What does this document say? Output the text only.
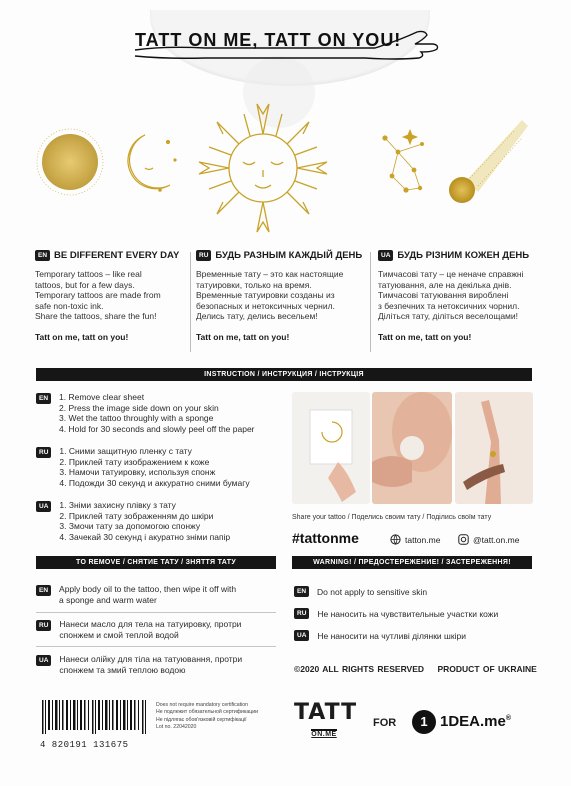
TATT ON ME, TATT ON YOU!
EN BE DIFFERENT EVERY DAY
Temporary tattoos – like real
tattoos, but for a few days.
Temporary tattoos are made from
safe non-toxic ink.
Share the tattoos, share the fun!
Tatt on me, tatt on you!
RU БУДЬ РАЗНЫМ КАЖДЫЙ ДЕНЬ
Временные тату – это как настоящие
татуировки, только на время.
Временные татуировки созданы из
безопасных и нетоксичных чернил.
Делись тату, делись весельем!
Tatt on me, tatt on you!
UA БУДЬ РІЗНИМ КОЖЕН ДЕНЬ
Тимчасові тату – це неначе справжні
татуювання, але на декілька днів.
Тимчасові татуювання вироблені
з безпечних та нетоксичних чорнил.
Діліться тату, діліться веселощами!
Tatt on me, tatt on you!
INSTRUCTION / ИНСТРУКЦИЯ / ІНСТРУКЦІЯ
EN	1. Remove clear sheet
2. Press the image side down on your skin
3. Wet the tattoo throughly with a sponge
4. Hold for 30 seconds and slowly peel off the paper
RU	1. Сними защитную пленку с тату
2. Приклей тату изображением к коже
3. Намочи татуировку, используя спонж
4. Подожди 30 секунд и аккуратно сними бумагу
UA	1. Зніми захисну плівку з тату
2. Приклей тату зображенням до шкіри
3. Змочи тату за допомогою спонжу
4. Зачекай 30 секунд і акуратно зніми папір
Share your tattoo / Поделись своим тату / Поділись своїм тату
#tattonme	tatton.me	@tatt.on.me
TO REMOVE / СНЯТИЕ ТАТУ / ЗНЯТТЯ ТАТУ
EN	Apply body oil to the tattoo, then wipe it off with
a sponge and warm water
RU	Нанеси масло для тела на татуировку, протри
спонжем и смой теплой водой
UA	Нанеси олійку для тіла на татуювання, протри
спонжем та змий теплою водою
WARNING! / ПРЕДОСТЕРЕЖЕНИЕ! / ЗАСТЕРЕЖЕННЯ!
EN	Do not apply to sensitive skin
RU	Не наносить на чувствительные участки кожи
UA	Не наносити на чутливі ділянки шкіри
©2020 ALL RIGHTS RESERVED PRODUCT OF UKRAINE
4 820191 131675
Does not require mandatory certification
Не подлежит обязательной сертификации
Не підлягає обов'язковій сертифікації
Lot no. 22042020
TATT
ON.ME
FOR	1 1DEA.me®
